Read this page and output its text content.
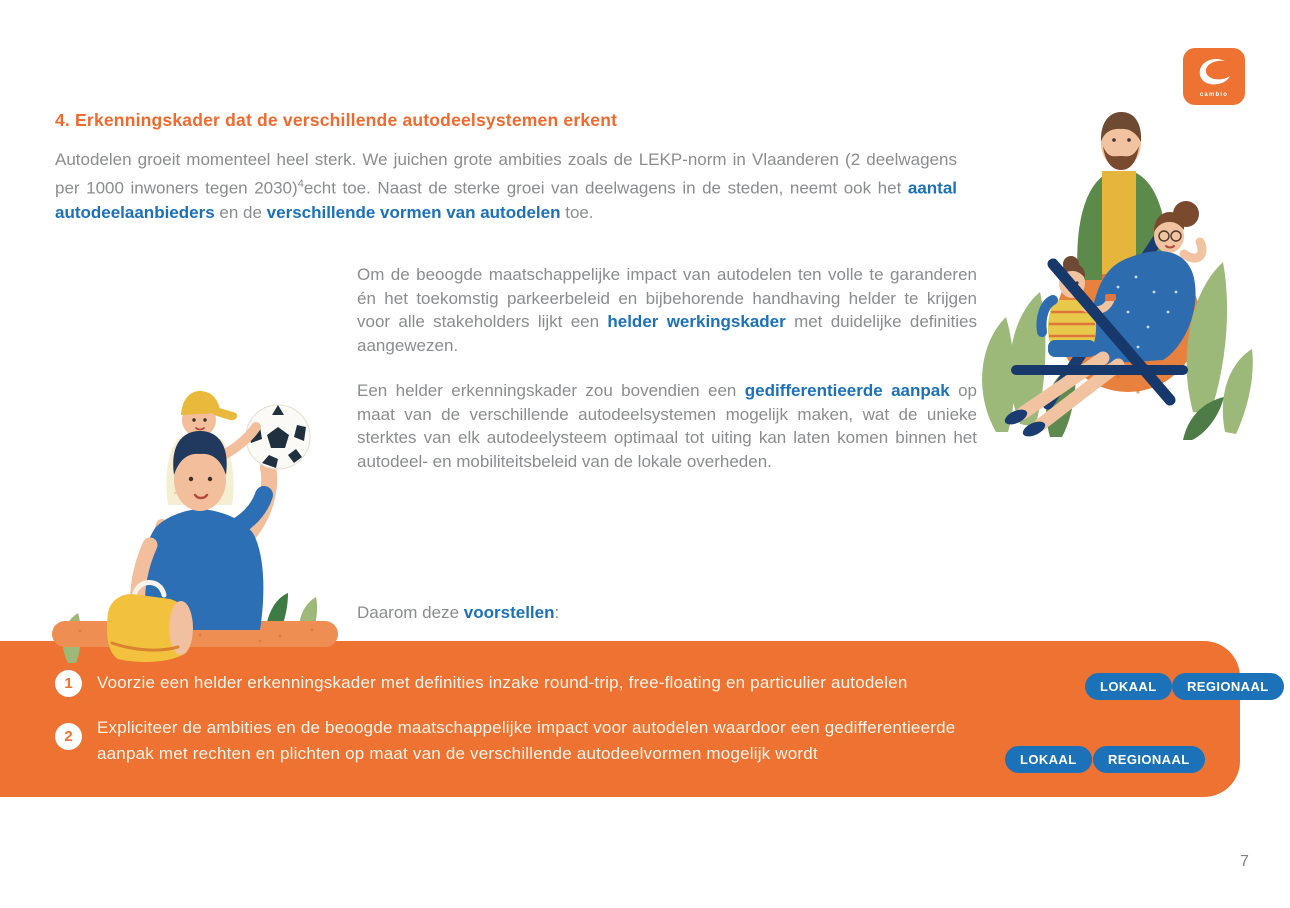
cambio
4. Erkenningskader dat de verschillende autodeelsystemen erkent

Autodelen groeit momenteel heel sterk. We juichen grote ambities zoals de LEKP-norm in Vlaanderen (2 deelwagens per 1000 inwoners tegen 2030)$^4$echt toe. Naast de sterke groei van deelwagens in de steden, neemt ook het aantal autodeelaanbieders en de verschillende vormen van autodelen toe.

Om de beoogde maatschappelijke impact van autodelen ten volle te garanderen én het toekomstig parkeerbeleid en bijbehorende handhaving helder te krijgen voor alle stakeholders lijkt een helder werkingskader met duidelijke definities aangewezen.

Een helder erkenningskader zou bovendien een gedifferentieerde aanpak op maat van de verschillende autodeelsystemen mogelijk maken, wat de unieke sterktes van elk autodeelysteem optimaal tot uiting kan laten komen binnen het autodeel- en mobiliteitsbeleid van de lokale overheden.

Daarom deze voorstellen:

1	Voorzie een helder erkenningskader met definities inzake round-trip, free-floating en particulier autodelen
2	Expliciteer de ambities en de beoogde maatschappelijke impact voor autodelen waardoor een gedifferentieerde aanpak met rechten en plichten op maat van de verschillende autodeelvormen mogelijk wordt
LOKAAL	REGIONAAL
LOKAAL	REGIONAAL
7
